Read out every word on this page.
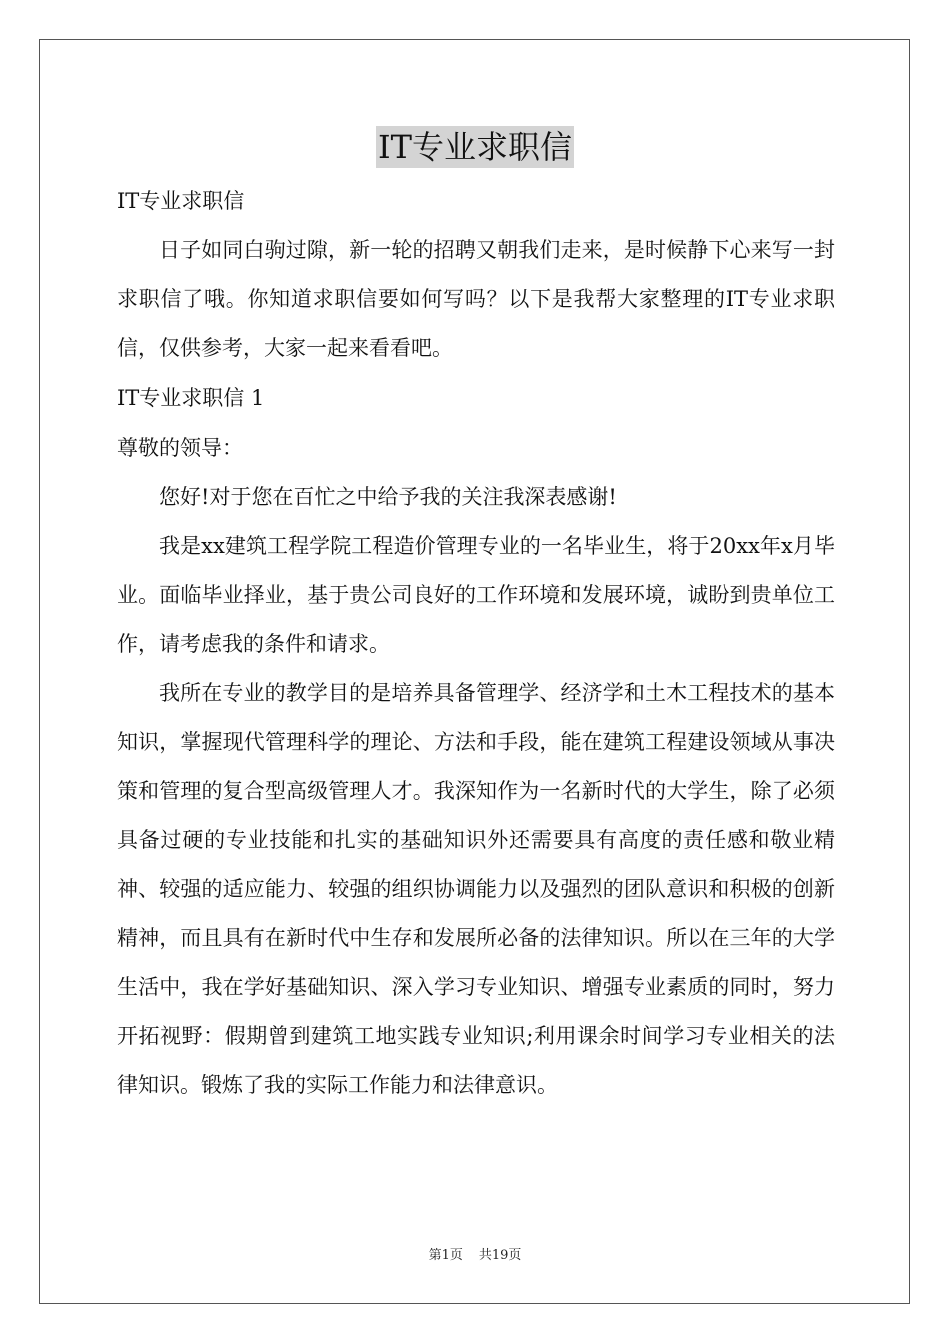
IT专业求职信
IT专业求职信
日子如同白驹过隙，新一轮的招聘又朝我们走来，是时候静下心来写一封求职信了哦。你知道求职信要如何写吗？以下是我帮大家整理的IT专业求职信，仅供参考，大家一起来看看吧。
IT专业求职信 1
尊敬的领导：
您好!对于您在百忙之中给予我的关注我深表感谢!
我是xx建筑工程学院工程造价管理专业的一名毕业生，将于20xx年x月毕业。面临毕业择业，基于贵公司良好的工作环境和发展环境，诚盼到贵单位工作，请考虑我的条件和请求。
我所在专业的教学目的是培养具备管理学、经济学和土木工程技术的基本知识，掌握现代管理科学的理论、方法和手段，能在建筑工程建设领域从事决策和管理的复合型高级管理人才。我深知作为一名新时代的大学生，除了必须具备过硬的专业技能和扎实的基础知识外还需要具有高度的责任感和敬业精神、较强的适应能力、较强的组织协调能力以及强烈的团队意识和积极的创新精神，而且具有在新时代中生存和发展所必备的法律知识。所以在三年的大学生活中，我在学好基础知识、深入学习专业知识、增强专业素质的同时，努力开拓视野：假期曾到建筑工地实践专业知识;利用课余时间学习专业相关的法律知识。锻炼了我的实际工作能力和法律意识。
第1页 共19页
